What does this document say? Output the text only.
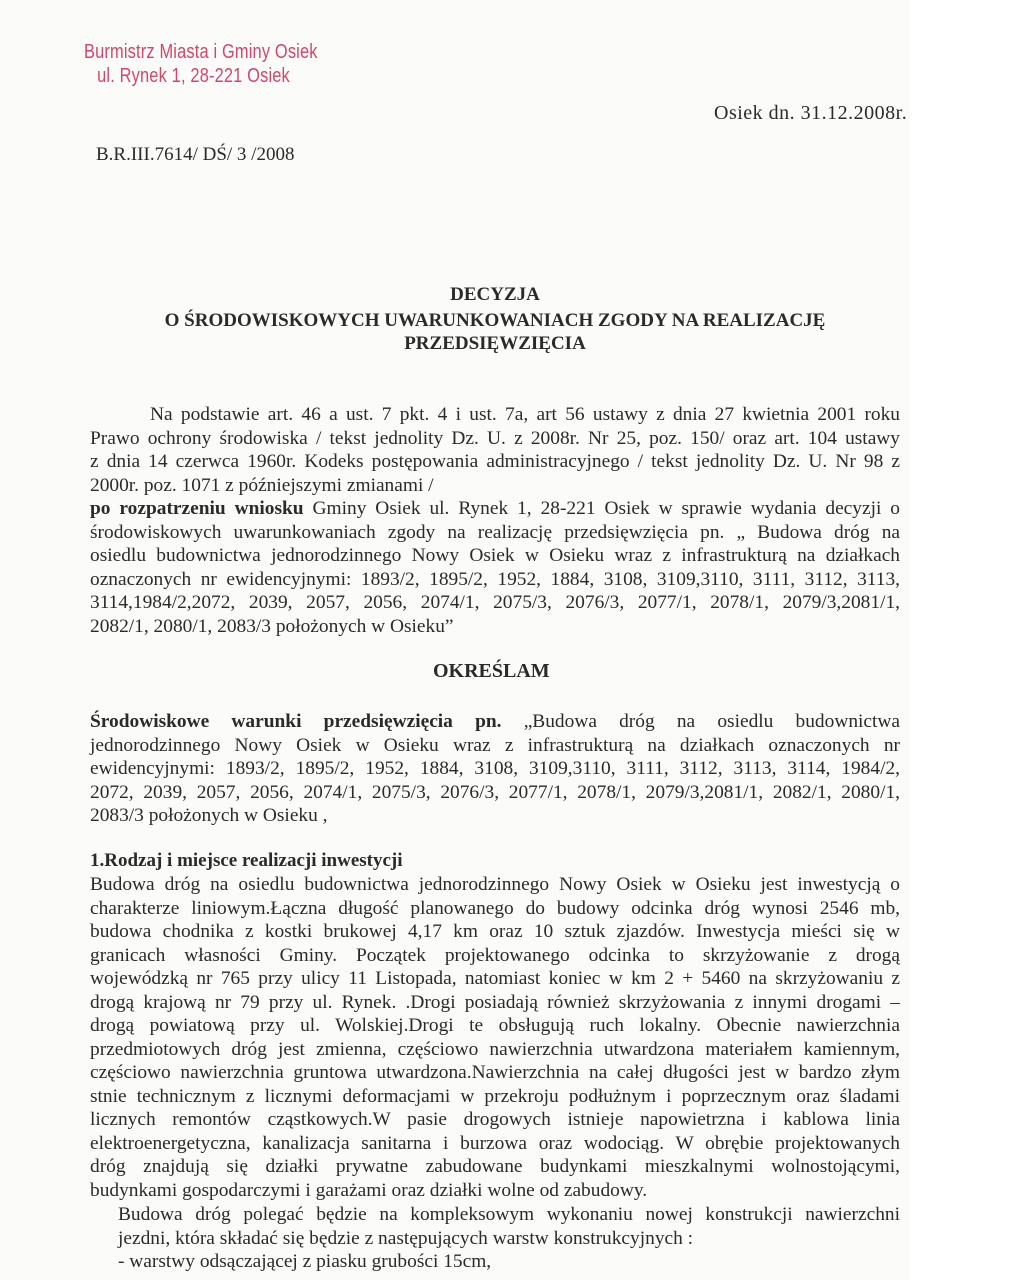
Burmistrz Miasta i Gminy Osiek
ul. Rynek 1, 28-221 Osiek
Osiek dn. 31.12.2008r.
B.R.III.7614/ DŚ/ 3 /2008
DECYZJA
O ŚRODOWISKOWYCH UWARUNKOWANIACH ZGODY NA REALIZACJĘ
PRZEDSIĘWZIĘCIA
Na podstawie art. 46 a ust. 7 pkt. 4 i ust. 7a, art 56 ustawy z dnia 27 kwietnia 2001 roku
Prawo ochrony środowiska / tekst jednolity Dz. U. z 2008r. Nr 25, poz. 150/ oraz art. 104 ustawy
z dnia 14 czerwca 1960r. Kodeks postępowania administracyjnego / tekst jednolity Dz. U. Nr 98 z
2000r. poz. 1071 z późniejszymi zmianami /
po rozpatrzeniu wniosku Gminy Osiek ul. Rynek 1, 28-221 Osiek w sprawie wydania decyzji o
środowiskowych uwarunkowaniach zgody na realizację przedsięwzięcia pn. „ Budowa dróg na
osiedlu budownictwa jednorodzinnego Nowy Osiek w Osieku wraz z infrastrukturą na działkach
oznaczonych nr ewidencyjnymi: 1893/2, 1895/2, 1952, 1884, 3108, 3109,3110, 3111, 3112, 3113,
3114,1984/2,2072, 2039, 2057, 2056, 2074/1, 2075/3, 2076/3, 2077/1, 2078/1, 2079/3,2081/1,
2082/1, 2080/1, 2083/3 położonych w Osieku”
OKREŚLAM
Środowiskowe warunki przedsięwzięcia pn. „Budowa dróg na osiedlu budownictwa
jednorodzinnego Nowy Osiek w Osieku wraz z infrastrukturą na działkach oznaczonych nr
ewidencyjnymi: 1893/2, 1895/2, 1952, 1884, 3108, 3109,3110, 3111, 3112, 3113, 3114, 1984/2,
2072, 2039, 2057, 2056, 2074/1, 2075/3, 2076/3, 2077/1, 2078/1, 2079/3,2081/1, 2082/1, 2080/1,
2083/3 położonych w Osieku ,
1.Rodzaj i miejsce realizacji inwestycji
Budowa dróg na osiedlu budownictwa jednorodzinnego Nowy Osiek w Osieku jest inwestycją o
charakterze liniowym.Łączna długość planowanego do budowy odcinka dróg wynosi 2546 mb,
budowa chodnika z kostki brukowej 4,17 km oraz 10 sztuk zjazdów. Inwestycja mieści się w
granicach własności Gminy. Początek projektowanego odcinka to skrzyżowanie z drogą
wojewódzką nr 765 przy ulicy 11 Listopada, natomiast koniec w km 2 + 5460 na skrzyżowaniu z
drogą krajową nr 79 przy ul. Rynek. .Drogi posiadają również skrzyżowania z innymi drogami –
drogą powiatową przy ul. Wolskiej.Drogi te obsługują ruch lokalny. Obecnie nawierzchnia
przedmiotowych dróg jest zmienna, częściowo nawierzchnia utwardzona materiałem kamiennym,
częściowo nawierzchnia gruntowa utwardzona.Nawierzchnia na całej długości jest w bardzo złym
stnie technicznym z licznymi deformacjami w przekroju podłużnym i poprzecznym oraz śladami
licznych remontów cząstkowych.W pasie drogowych istnieje napowietrzna i kablowa linia
elektroenergetyczna, kanalizacja sanitarna i burzowa oraz wodociąg. W obrębie projektowanych
dróg znajdują się działki prywatne zabudowane budynkami mieszkalnymi wolnostojącymi,
budynkami gospodarczymi i garażami oraz działki wolne od zabudowy.
Budowa dróg polegać będzie na kompleksowym wykonaniu nowej konstrukcji nawierzchni
jezdni, która składać się będzie z następujących warstw konstrukcyjnych :
- warstwy odsączającej z piasku grubości 15cm,
